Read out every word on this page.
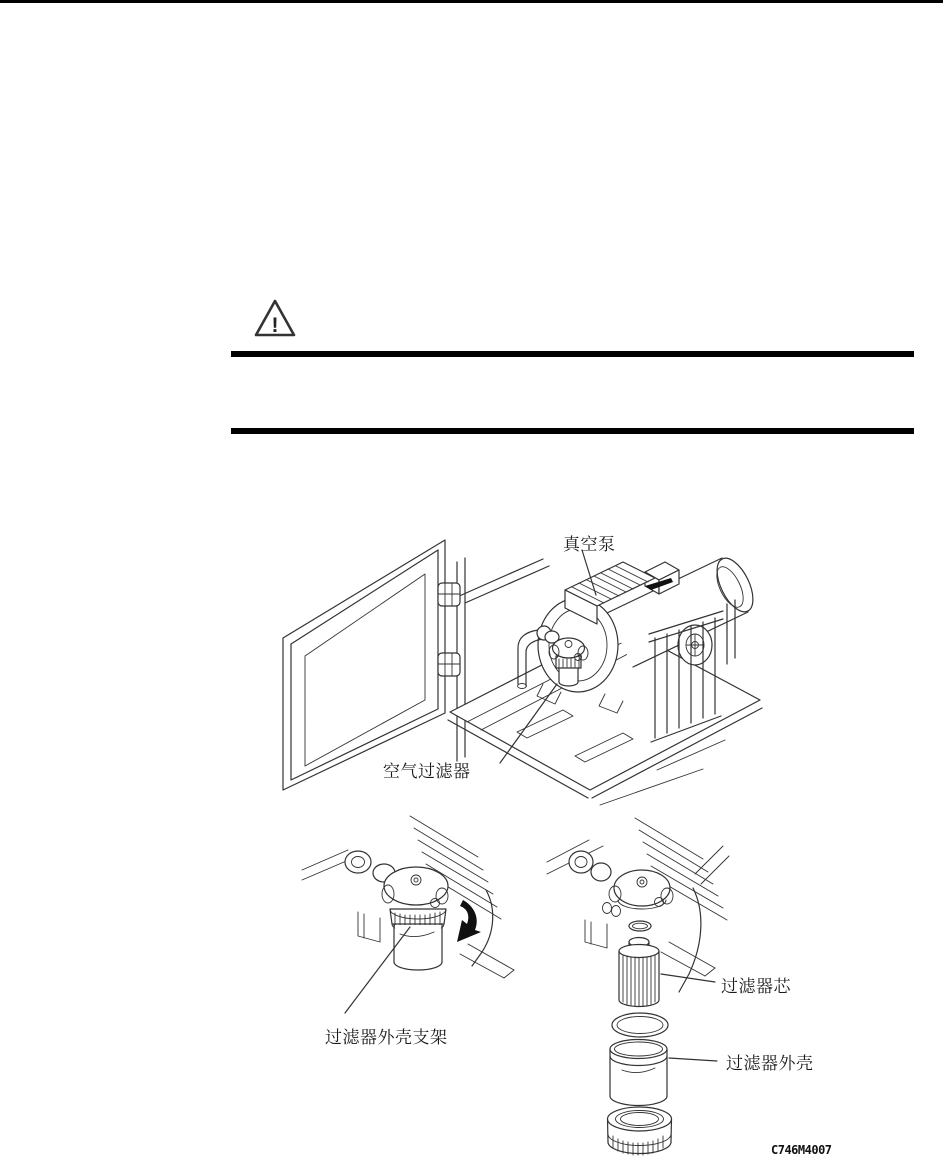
!
真空泵
空气过滤器
过滤器外壳支架
过滤器芯
过滤器外壳
C746M4007
